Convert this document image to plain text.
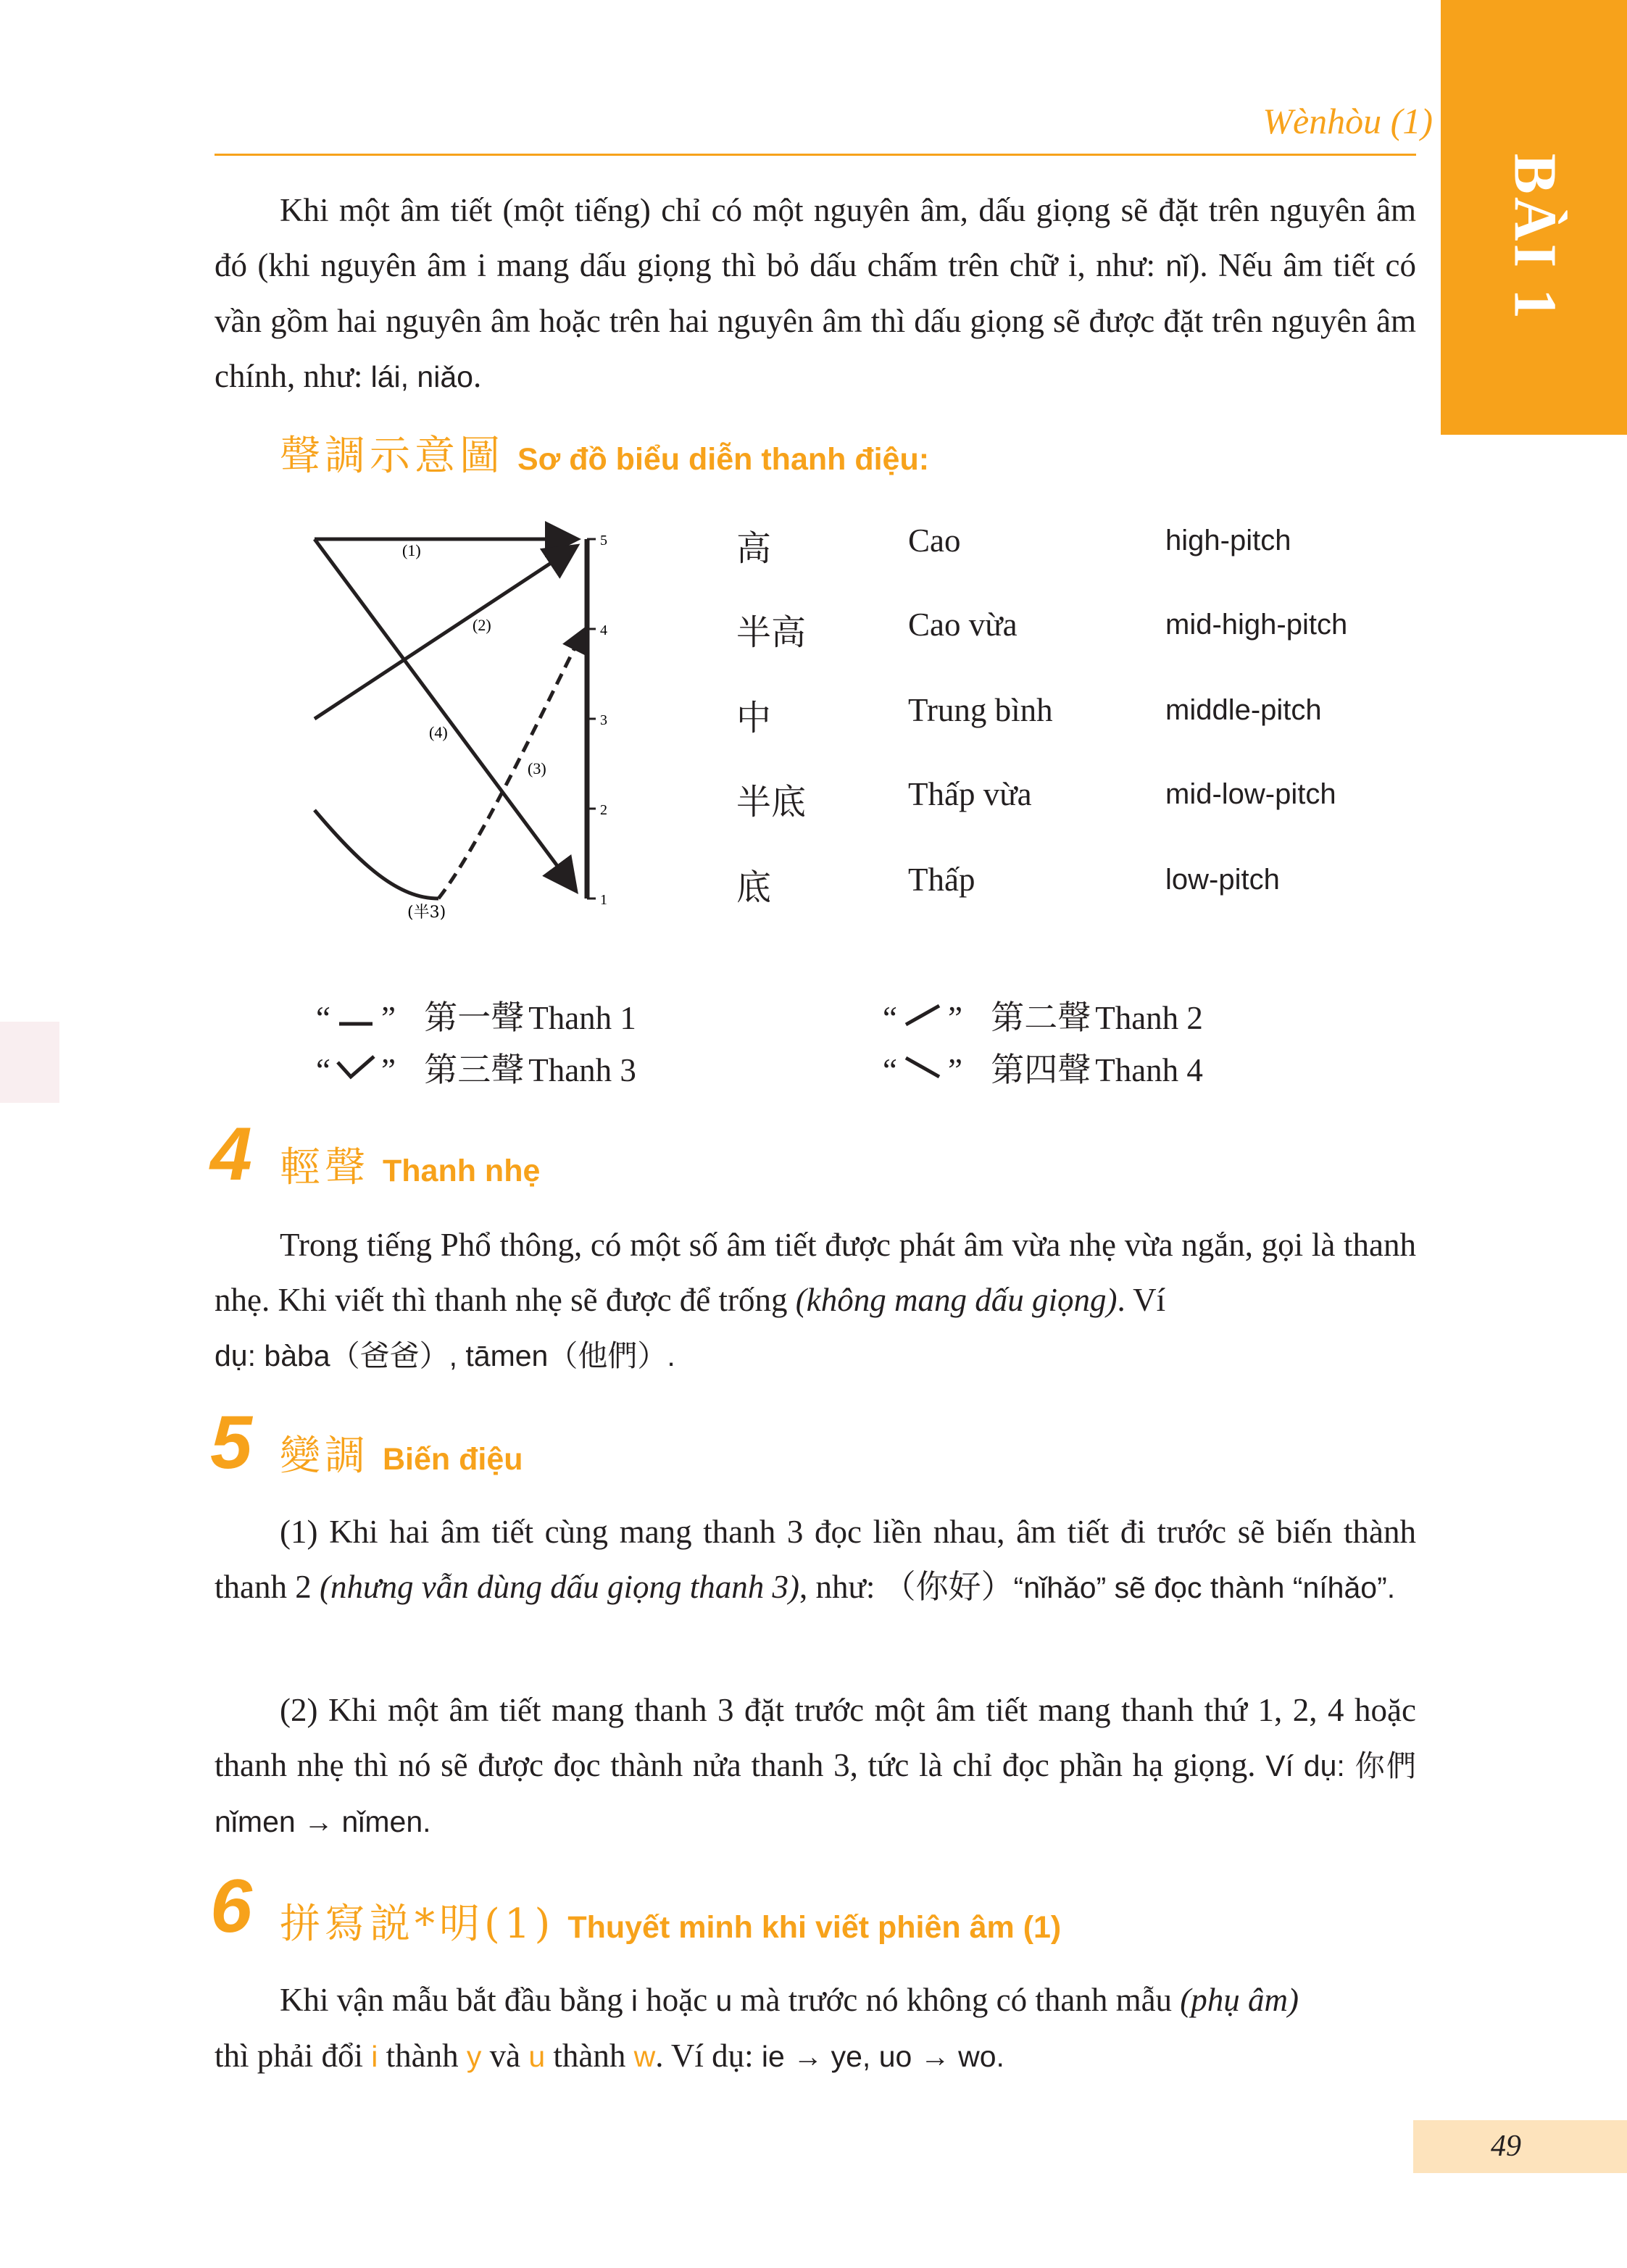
Wènhòu (1)
BÀI 1
Khi một âm tiết (một tiếng) chỉ có một nguyên âm, dấu giọng sẽ đặt trên nguyên âm đó (khi nguyên âm i mang dấu giọng thì bỏ dấu chấm trên chữ i, như: nǐ). Nếu âm tiết có vần gồm hai nguyên âm hoặc trên hai nguyên âm thì dấu giọng sẽ được đặt trên nguyên âm chính, như: lái, niǎo.
聲調示意圖 Sơ đồ biểu diễn thanh điệu:
5
4
3
2
1
(1)
(2)
(3)
(4)
(半3)
高	Cao	high-pitch
半高	Cao vừa	mid-high-pitch
中	Trung bình	middle-pitch
半底	Thấp vừa	mid-low-pitch
底	Thấp	low-pitch
“ ” 第一聲 Thanh 1	“ ” 第二聲 Thanh 2
“ ” 第三聲 Thanh 3	“ ” 第四聲 Thanh 4
4 輕聲 Thanh nhẹ
Trong tiếng Phổ thông, có một số âm tiết được phát âm vừa nhẹ vừa ngắn, gọi là thanh nhẹ. Khi viết thì thanh nhẹ sẽ được để trống (không mang dấu giọng). Ví
dụ: bàba（爸爸）, tāmen（他們）.
5 變調 Biến điệu
(1) Khi hai âm tiết cùng mang thanh 3 đọc liền nhau, âm tiết đi trước sẽ biến thành thanh 2 (nhưng vẫn dùng dấu giọng thanh 3), như: （你好）“nǐhǎo” sẽ đọc thành “níhǎo”.
(2) Khi một âm tiết mang thanh 3 đặt trước một âm tiết mang thanh thứ 1, 2, 4 hoặc thanh nhẹ thì nó sẽ được đọc thành nửa thanh 3, tức là chỉ đọc phần hạ giọng. Ví dụ: 你們 nǐmen → nǐmen.
6 拼寫説*明(1) Thuyết minh khi viết phiên âm (1)
Khi vận mẫu bắt đầu bằng i hoặc u mà trước nó không có thanh mẫu (phụ âm)
thì phải đổi i thành y và u thành w. Ví dụ: ie → ye, uo → wo.
49
